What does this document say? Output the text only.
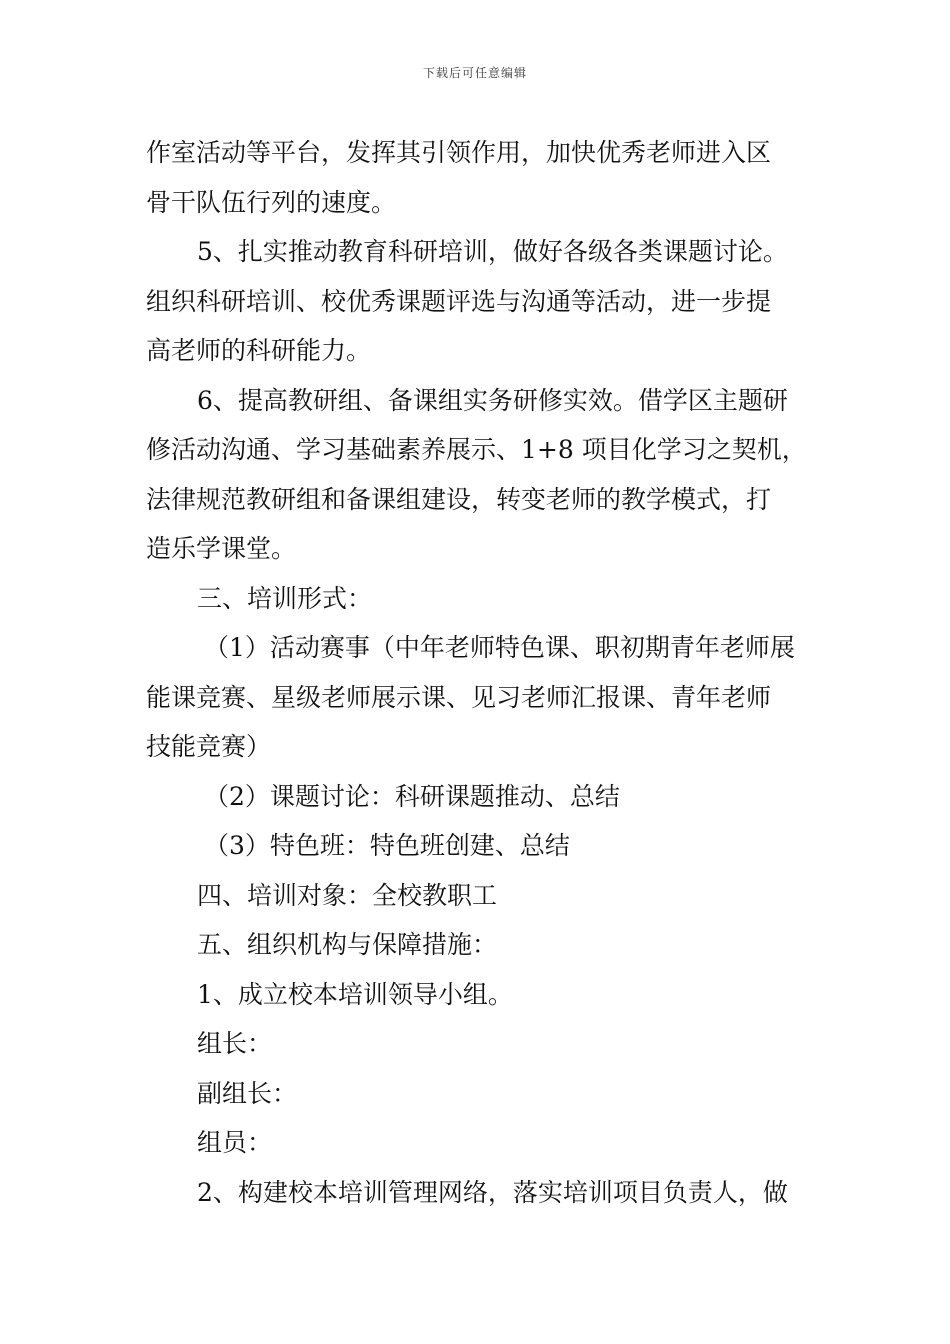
下载后可任意编辑
作室活动等平台，发挥其引领作用，加快优秀老师进入区
骨干队伍行列的速度。
5、扎实推动教育科研培训，做好各级各类课题讨论。
组织科研培训、校优秀课题评选与沟通等活动，进一步提
高老师的科研能力。
6、提高教研组、备课组实务研修实效。借学区主题研
修活动沟通、学习基础素养展示、1+8 项目化学习之契机，
法律规范教研组和备课组建设，转变老师的教学模式，打
造乐学课堂。
三、培训形式：
（1）活动赛事（中年老师特色课、职初期青年老师展
能课竞赛、星级老师展示课、见习老师汇报课、青年老师
技能竞赛）
（2）课题讨论：科研课题推动、总结
（3）特色班：特色班创建、总结
四、培训对象：全校教职工
五、组织机构与保障措施：
1、成立校本培训领导小组。
组长：
副组长：
组员：
2、构建校本培训管理网络，落实培训项目负责人，做
